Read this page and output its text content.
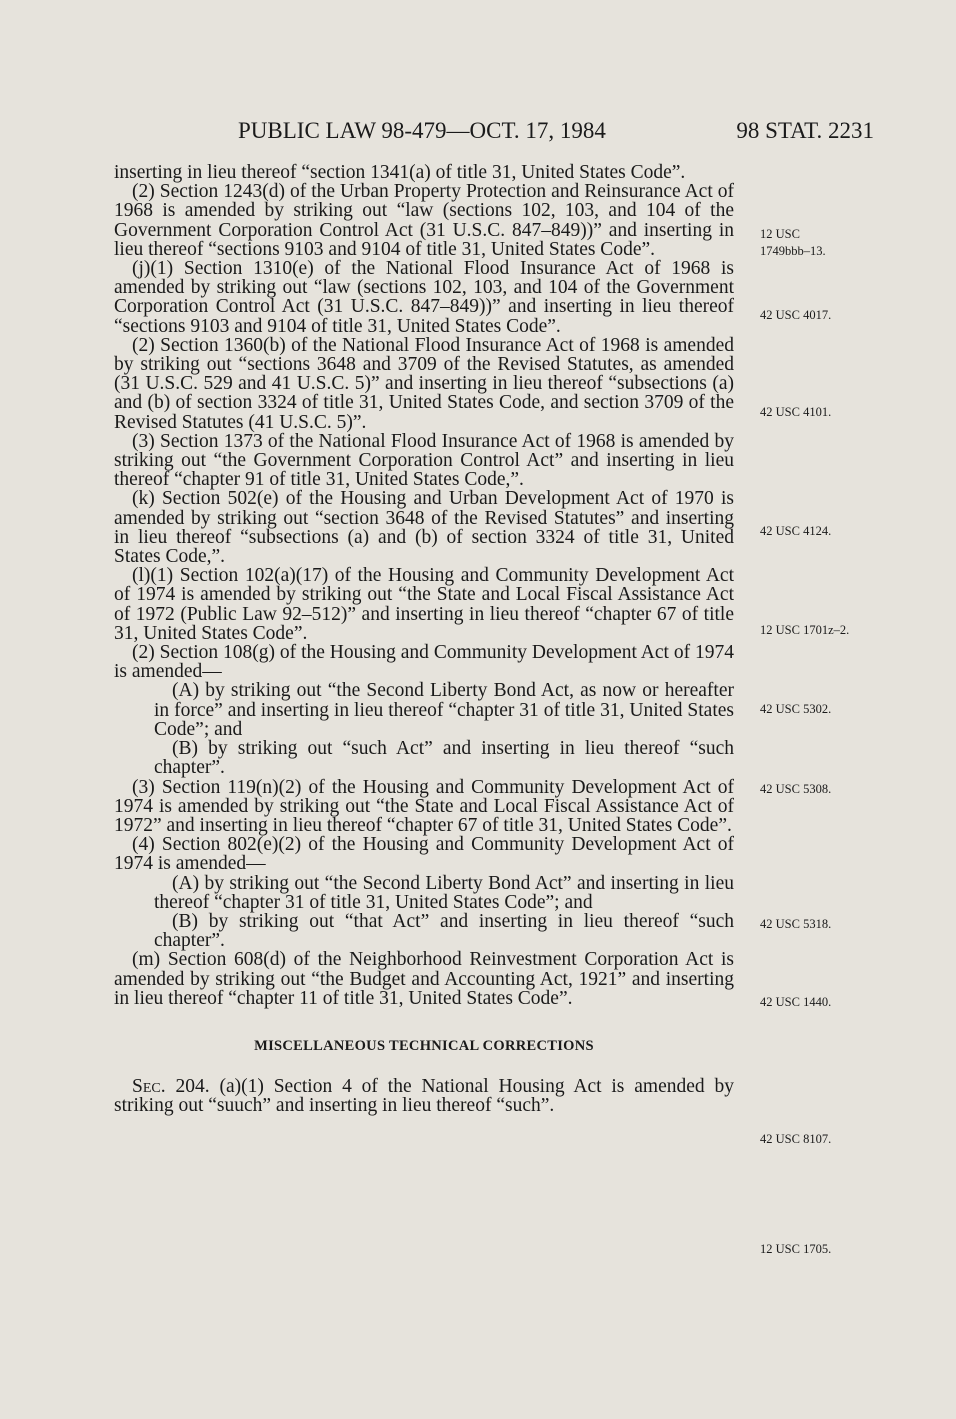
PUBLIC LAW 98-479—OCT. 17, 1984	98 STAT. 2231

inserting in lieu thereof “section 1341(a) of title 31, United States Code”.

(2) Section 1243(d) of the Urban Property Protection and Reinsurance Act of 1968 is amended by striking out “law (sections 102, 103, and 104 of the Government Corporation Control Act (31 U.S.C. 847–849))” and inserting in lieu thereof “sections 9103 and 9104 of title 31, United States Code”.

(j)(1) Section 1310(e) of the National Flood Insurance Act of 1968 is amended by striking out “law (sections 102, 103, and 104 of the Government Corporation Control Act (31 U.S.C. 847–849))” and inserting in lieu thereof “sections 9103 and 9104 of title 31, United States Code”.

(2) Section 1360(b) of the National Flood Insurance Act of 1968 is amended by striking out “sections 3648 and 3709 of the Revised Statutes, as amended (31 U.S.C. 529 and 41 U.S.C. 5)” and inserting in lieu thereof “subsections (a) and (b) of section 3324 of title 31, United States Code, and section 3709 of the Revised Statutes (41 U.S.C. 5)”.

(3) Section 1373 of the National Flood Insurance Act of 1968 is amended by striking out “the Government Corporation Control Act” and inserting in lieu thereof “chapter 91 of title 31, United States Code,”.

(k) Section 502(e) of the Housing and Urban Development Act of 1970 is amended by striking out “section 3648 of the Revised Statutes” and inserting in lieu thereof “subsections (a) and (b) of section 3324 of title 31, United States Code,”.

(l)(1) Section 102(a)(17) of the Housing and Community Development Act of 1974 is amended by striking out “the State and Local Fiscal Assistance Act of 1972 (Public Law 92–512)” and inserting in lieu thereof “chapter 67 of title 31, United States Code”.

(2) Section 108(g) of the Housing and Community Development Act of 1974 is amended—

(A) by striking out “the Second Liberty Bond Act, as now or hereafter in force” and inserting in lieu thereof “chapter 31 of title 31, United States Code”; and

(B) by striking out “such Act” and inserting in lieu thereof “such chapter”.

(3) Section 119(n)(2) of the Housing and Community Development Act of 1974 is amended by striking out “the State and Local Fiscal Assistance Act of 1972” and inserting in lieu thereof “chapter 67 of title 31, United States Code”.

(4) Section 802(e)(2) of the Housing and Community Development Act of 1974 is amended—

(A) by striking out “the Second Liberty Bond Act” and inserting in lieu thereof “chapter 31 of title 31, United States Code”; and

(B) by striking out “that Act” and inserting in lieu thereof “such chapter”.

(m) Section 608(d) of the Neighborhood Reinvestment Corporation Act is amended by striking out “the Budget and Accounting Act, 1921” and inserting in lieu thereof “chapter 11 of title 31, United States Code”.

MISCELLANEOUS TECHNICAL CORRECTIONS

Sec. 204. (a)(1) Section 4 of the National Housing Act is amended by striking out “suuch” and inserting in lieu thereof “such”.

12 USC
1749bbb–13.
42 USC 4017.
42 USC 4101.
42 USC 4124.
12 USC 1701z–2.
42 USC 5302.
42 USC 5308.
42 USC 5318.
42 USC 1440.
42 USC 8107.
12 USC 1705.
